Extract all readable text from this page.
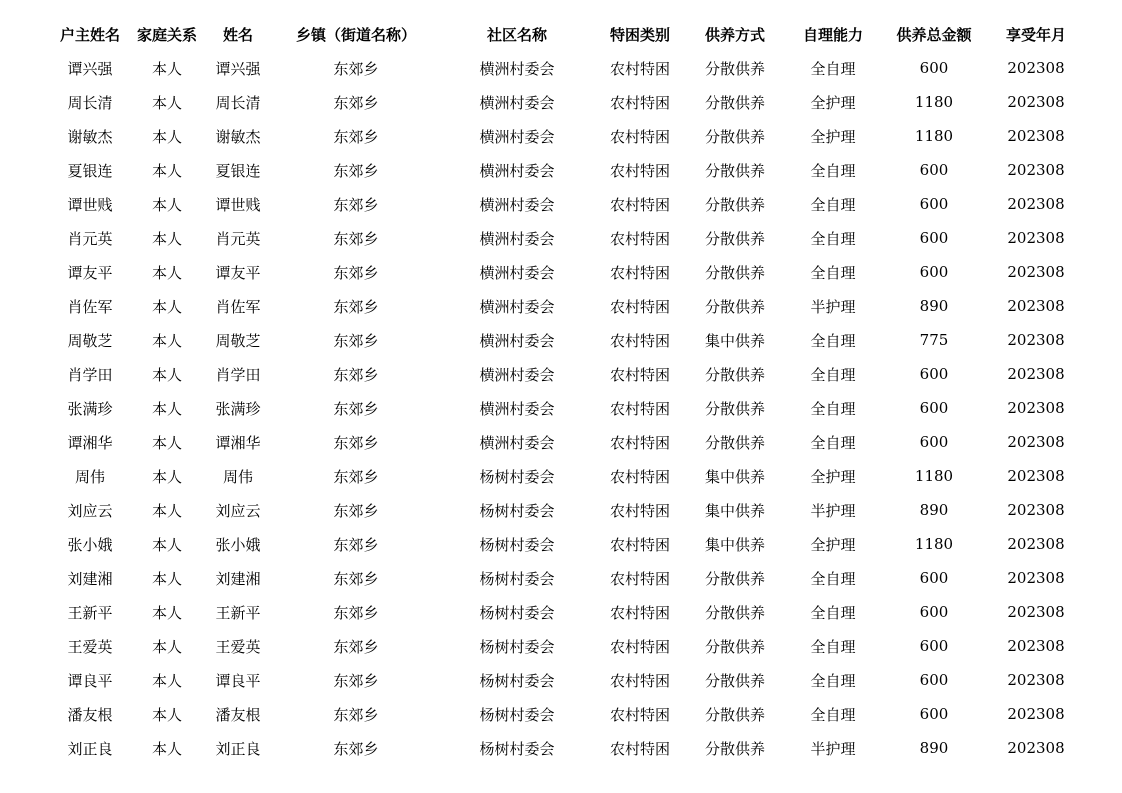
户主姓名	家庭关系	姓名	乡镇（街道名称）	社区名称	特困类别	供养方式	自理能力	供养总金额	享受年月
谭兴强	本人	谭兴强	东郊乡	横洲村委会	农村特困	分散供养	全自理	600	202308
周长清	本人	周长清	东郊乡	横洲村委会	农村特困	分散供养	全护理	1180	202308
谢敏杰	本人	谢敏杰	东郊乡	横洲村委会	农村特困	分散供养	全护理	1180	202308
夏银连	本人	夏银连	东郊乡	横洲村委会	农村特困	分散供养	全自理	600	202308
谭世贱	本人	谭世贱	东郊乡	横洲村委会	农村特困	分散供养	全自理	600	202308
肖元英	本人	肖元英	东郊乡	横洲村委会	农村特困	分散供养	全自理	600	202308
谭友平	本人	谭友平	东郊乡	横洲村委会	农村特困	分散供养	全自理	600	202308
肖佐军	本人	肖佐军	东郊乡	横洲村委会	农村特困	分散供养	半护理	890	202308
周敬芝	本人	周敬芝	东郊乡	横洲村委会	农村特困	集中供养	全自理	775	202308
肖学田	本人	肖学田	东郊乡	横洲村委会	农村特困	分散供养	全自理	600	202308
张满珍	本人	张满珍	东郊乡	横洲村委会	农村特困	分散供养	全自理	600	202308
谭湘华	本人	谭湘华	东郊乡	横洲村委会	农村特困	分散供养	全自理	600	202308
周伟	本人	周伟	东郊乡	杨树村委会	农村特困	集中供养	全护理	1180	202308
刘应云	本人	刘应云	东郊乡	杨树村委会	农村特困	集中供养	半护理	890	202308
张小娥	本人	张小娥	东郊乡	杨树村委会	农村特困	集中供养	全护理	1180	202308
刘建湘	本人	刘建湘	东郊乡	杨树村委会	农村特困	分散供养	全自理	600	202308
王新平	本人	王新平	东郊乡	杨树村委会	农村特困	分散供养	全自理	600	202308
王爱英	本人	王爱英	东郊乡	杨树村委会	农村特困	分散供养	全自理	600	202308
谭良平	本人	谭良平	东郊乡	杨树村委会	农村特困	分散供养	全自理	600	202308
潘友根	本人	潘友根	东郊乡	杨树村委会	农村特困	分散供养	全自理	600	202308
刘正良	本人	刘正良	东郊乡	杨树村委会	农村特困	分散供养	半护理	890	202308
